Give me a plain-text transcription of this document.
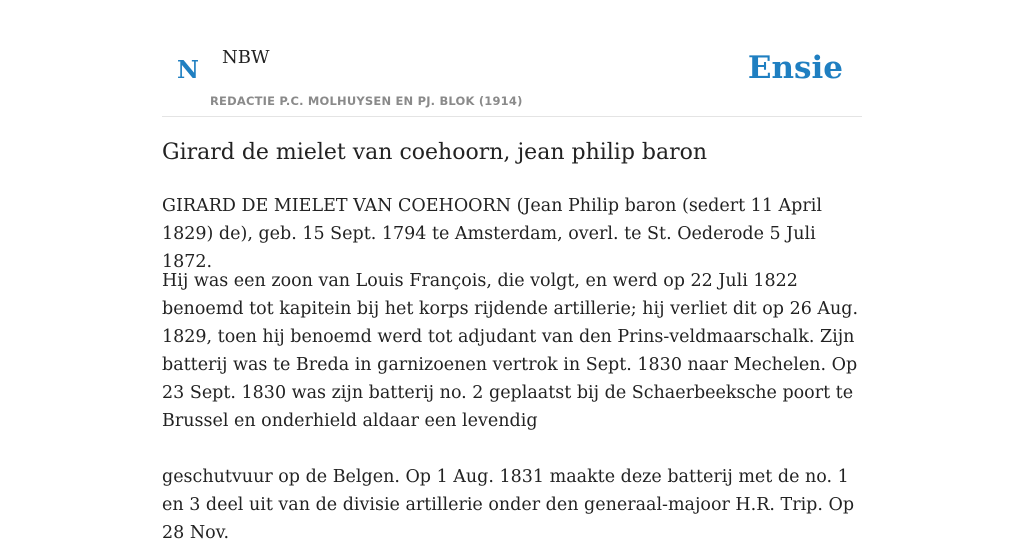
N NBW
REDACTIE P.C. MOLHUYSEN EN PJ. BLOK (1914)
Ensie
Girard de mielet van coehoorn, jean philip baron

GIRARD DE MIELET VAN COEHOORN (Jean Philip baron (sedert 11 April 1829) de), geb. 15 Sept. 1794 te Amsterdam, overl. te St. Oederode 5 Juli 1872.

Hij was een zoon van Louis François, die volgt, en werd op 22 Juli 1822 benoemd tot kapitein bij het korps rijdende artillerie; hij verliet dit op 26 Aug. 1829, toen hij benoemd werd tot adjudant van den Prins-veldmaarschalk. Zijn batterij was te Breda in garnizoenen vertrok in Sept. 1830 naar Mechelen. Op 23 Sept. 1830 was zijn batterij no. 2 geplaatst bij de Schaerbeeksche poort te Brussel en onderhield aldaar een levendig

geschutvuur op de Belgen. Op 1 Aug. 1831 maakte deze batterij met de no. 1 en 3 deel uit van de divisie artillerie onder den generaal-majoor H.R. Trip. Op 28 Nov.
